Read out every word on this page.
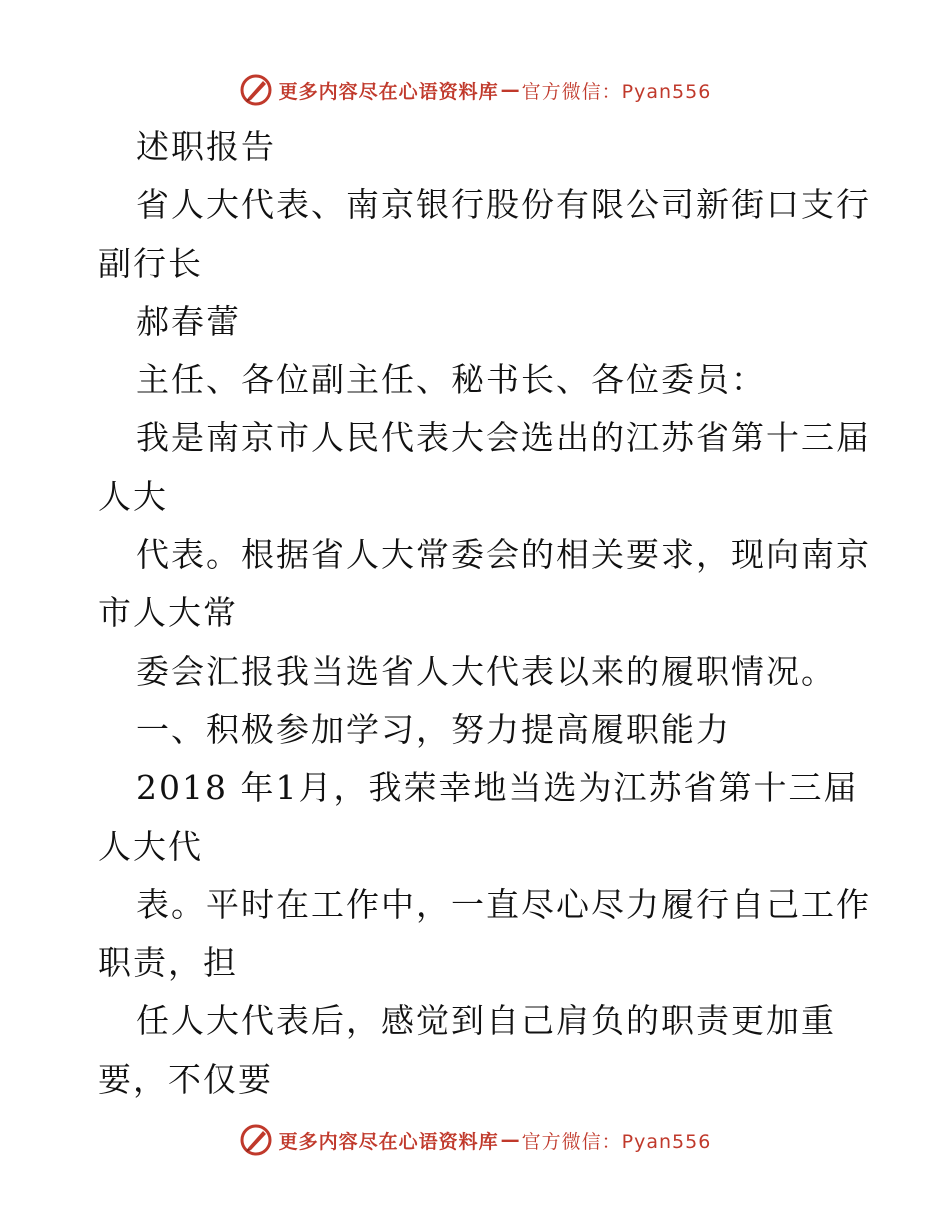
更多内容尽在心语资料库 — 官方微信：Pyan556
述职报告
省人大代表、南京银行股份有限公司新街口支行
副行长
郝春蕾
主任、各位副主任、秘书长、各位委员：
我是南京市人民代表大会选出的江苏省第十三届
人大
代表。根据省人大常委会的相关要求，现向南京
市人大常
委会汇报我当选省人大代表以来的履职情况。
一、积极参加学习，努力提高履职能力
2018 年1月，我荣幸地当选为江苏省第十三届
人大代
表。平时在工作中，一直尽心尽力履行自己工作
职责，担
任人大代表后，感觉到自己肩负的职责更加重
要，不仅要
更多内容尽在心语资料库 — 官方微信：Pyan556
